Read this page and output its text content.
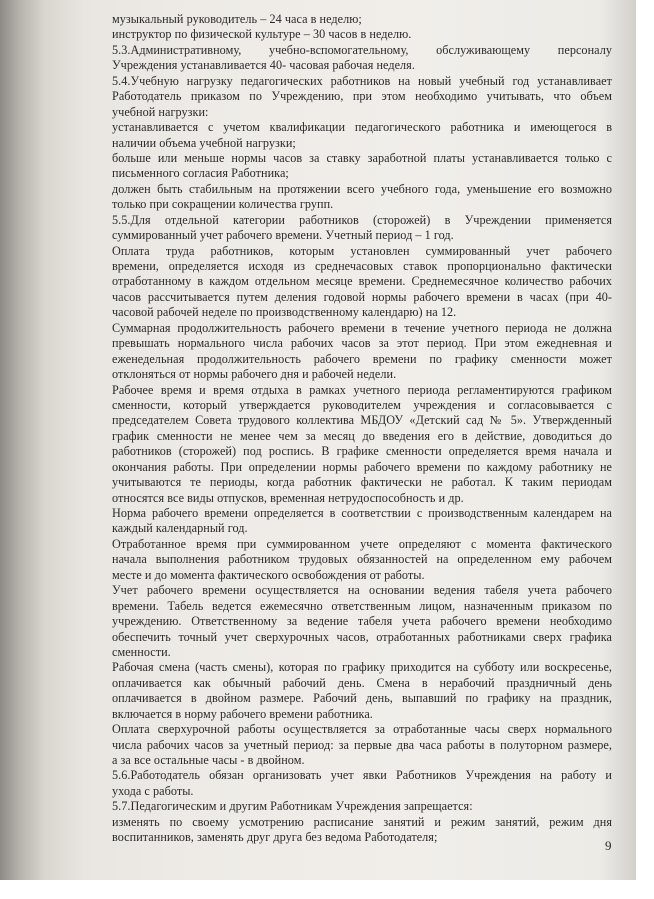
музыкальный руководитель – 24 часа в неделю;
инструктор по физической культуре – 30 часов в неделю.
5.3.Административному, учебно-вспомогательному, обслуживающему персоналу
Учреждения устанавливается 40- часовая рабочая неделя.
5.4.Учебную нагрузку педагогических работников на новый учебный год устанавливает
Работодатель приказом по Учреждению, при этом необходимо учитывать, что объем
учебной нагрузки:
устанавливается с учетом квалификации педагогического работника и имеющегося в
наличии объема учебной нагрузки;
больше или меньше нормы часов за ставку заработной платы устанавливается только с
письменного согласия Работника;
должен быть стабильным на протяжении всего учебного года, уменьшение его возможно
только при сокращении количества групп.
5.5.Для отдельной категории работников (сторожей) в Учреждении применяется
суммированный учет рабочего времени. Учетный период – 1 год.
Оплата труда работников, которым установлен суммированный учет рабочего
времени, определяется исходя из среднечасовых ставок пропорционально фактически
отработанному в каждом отдельном месяце времени. Среднемесячное количество рабочих
часов рассчитывается путем деления годовой нормы рабочего времени в часах (при 40-
часовой рабочей неделе по производственному календарю) на 12.
Суммарная продолжительность рабочего времени в течение учетного периода не должна
превышать нормального числа рабочих часов за этот период. При этом ежедневная и
еженедельная продолжительность рабочего времени по графику сменности может
отклоняться от нормы рабочего дня и рабочей недели.
Рабочее время и время отдыха в рамках учетного периода регламентируются графиком
сменности, который утверждается руководителем учреждения и согласовывается с
председателем Совета трудового коллектива МБДОУ «Детский сад № 5». Утвержденный
график сменности не менее чем за месяц до введения его в действие, доводиться до
работников (сторожей) под роспись. В графике сменности определяется время начала и
окончания работы. При определении нормы рабочего времени по каждому работнику не
учитываются те периоды, когда работник фактически не работал. К таким периодам
относятся все виды отпусков, временная нетрудоспособность и др.
Норма рабочего времени определяется в соответствии с производственным календарем на
каждый календарный год.
Отработанное время при суммированном учете определяют с момента фактического
начала выполнения работником трудовых обязанностей на определенном ему рабочем
месте и до момента фактического освобождения от работы.
Учет рабочего времени осуществляется на основании ведения табеля учета рабочего
времени. Табель ведется ежемесячно ответственным лицом, назначенным приказом по
учреждению. Ответственному за ведение табеля учета рабочего времени необходимо
обеспечить точный учет сверхурочных часов, отработанных работниками сверх графика
сменности.
Рабочая смена (часть смены), которая по графику приходится на субботу или воскресенье,
оплачивается как обычный рабочий день. Смена в нерабочий праздничный день
оплачивается в двойном размере. Рабочий день, выпавший по графику на праздник,
включается в норму рабочего времени работника.
Оплата сверхурочной работы осуществляется за отработанные часы сверх нормального
числа рабочих часов за учетный период: за первые два часа работы в полуторном размере,
а за все остальные часы - в двойном.
5.6.Работодатель обязан организовать учет явки Работников Учреждения на работу и
ухода с работы.
5.7.Педагогическим и другим Работникам Учреждения запрещается:
изменять по своему усмотрению расписание занятий и режим занятий, режим дня
воспитанников, заменять друг друга без ведома Работодателя;
9
